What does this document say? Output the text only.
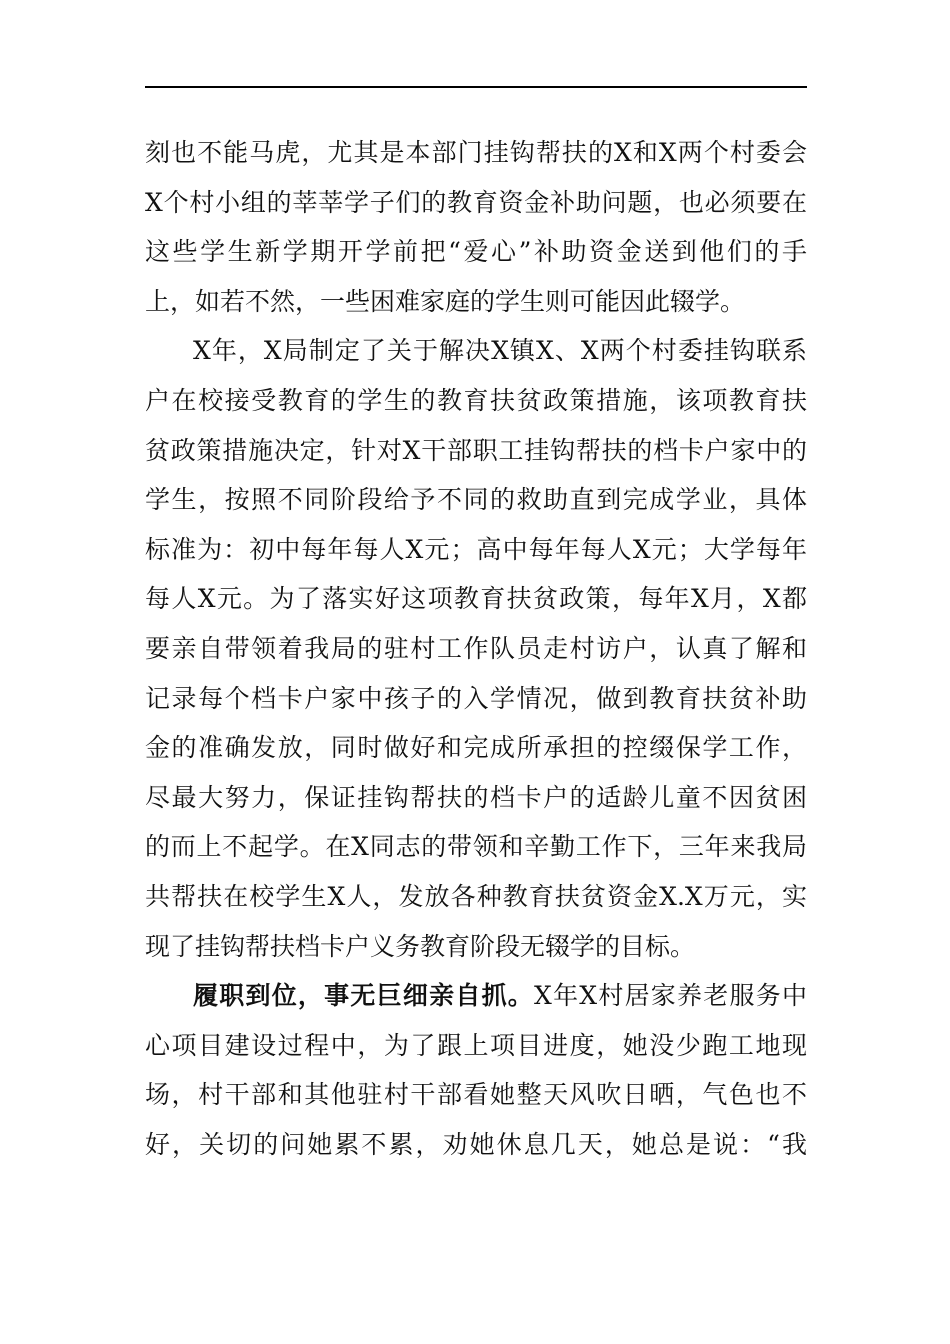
刻也不能马虎，尤其是本部门挂钩帮扶的X和X两个村委会
X个村小组的莘莘学子们的教育资金补助问题，也必须要在
这些学生新学期开学前把“爱心”补助资金送到他们的手
上，如若不然，一些困难家庭的学生则可能因此辍学。
X年，X局制定了关于解决X镇X、X两个村委挂钩联系
户在校接受教育的学生的教育扶贫政策措施，该项教育扶
贫政策措施决定，针对X干部职工挂钩帮扶的档卡户家中的
学生，按照不同阶段给予不同的救助直到完成学业，具体
标准为：初中每年每人X元；高中每年每人X元；大学每年
每人X元。为了落实好这项教育扶贫政策，每年X月，X都
要亲自带领着我局的驻村工作队员走村访户，认真了解和
记录每个档卡户家中孩子的入学情况，做到教育扶贫补助
金的准确发放，同时做好和完成所承担的控缀保学工作，
尽最大努力，保证挂钩帮扶的档卡户的适龄儿童不因贫困
的而上不起学。在X同志的带领和辛勤工作下，三年来我局
共帮扶在校学生X人，发放各种教育扶贫资金X.X万元，实
现了挂钩帮扶档卡户义务教育阶段无辍学的目标。
履职到位，事无巨细亲自抓。X年X村居家养老服务中
心项目建设过程中，为了跟上项目进度，她没少跑工地现
场，村干部和其他驻村干部看她整天风吹日晒，气色也不
好，关切的问她累不累，劝她休息几天，她总是说：“我
